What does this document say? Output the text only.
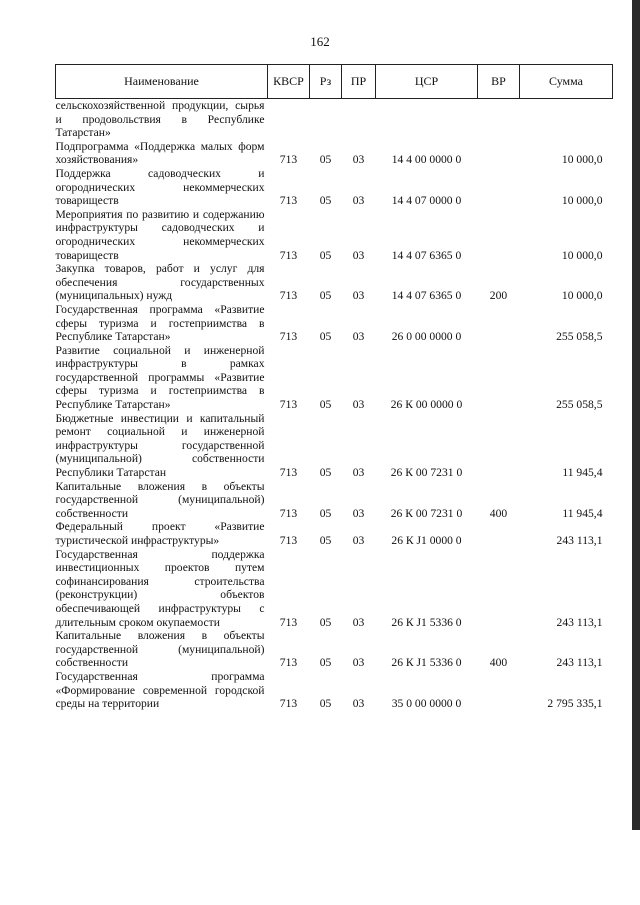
162
Наименование	КВСР	Рз	ПР	ЦСР	ВР	Сумма
сельскохозяйственной продукции, сырья и продовольствия в Республике Татарстан»						
Подпрограмма «Поддержка малых форм хозяйствования»	713	05	03	14 4 00 0000 0		10 000,0
Поддержка садоводческих и огороднических некоммерческих товариществ	713	05	03	14 4 07 0000 0		10 000,0
Мероприятия по развитию и содержанию инфраструктуры садоводческих и огороднических некоммерческих товариществ	713	05	03	14 4 07 6365 0		10 000,0
Закупка товаров, работ и услуг для обеспечения государственных (муниципальных) нужд	713	05	03	14 4 07 6365 0	200	10 000,0
Государственная программа «Развитие сферы туризма и гостеприимства в Республике Татарстан»	713	05	03	26 0 00 0000 0		255 058,5
Развитие социальной и инженерной инфраструктуры в рамках государственной программы «Развитие сферы туризма и гостеприимства в Республике Татарстан»	713	05	03	26 К 00 0000 0		255 058,5
Бюджетные инвестиции и капитальный ремонт социальной и инженерной инфраструктуры государственной (муниципальной) собственности Республики Татарстан	713	05	03	26 К 00 7231 0		11 945,4
Капитальные вложения в объекты государственной (муниципальной) собственности	713	05	03	26 К 00 7231 0	400	11 945,4
Федеральный проект «Развитие туристической инфраструктуры»	713	05	03	26 К J1 0000 0		243 113,1
Государственная поддержка инвестиционных проектов путем софинансирования строительства (реконструкции) объектов обеспечивающей инфраструктуры с длительным сроком окупаемости	713	05	03	26 К J1 5336 0		243 113,1
Капитальные вложения в объекты государственной (муниципальной) собственности	713	05	03	26 К J1 5336 0	400	243 113,1
Государственная программа «Формирование современной городской среды на территории	713	05	03	35 0 00 0000 0		2 795 335,1
